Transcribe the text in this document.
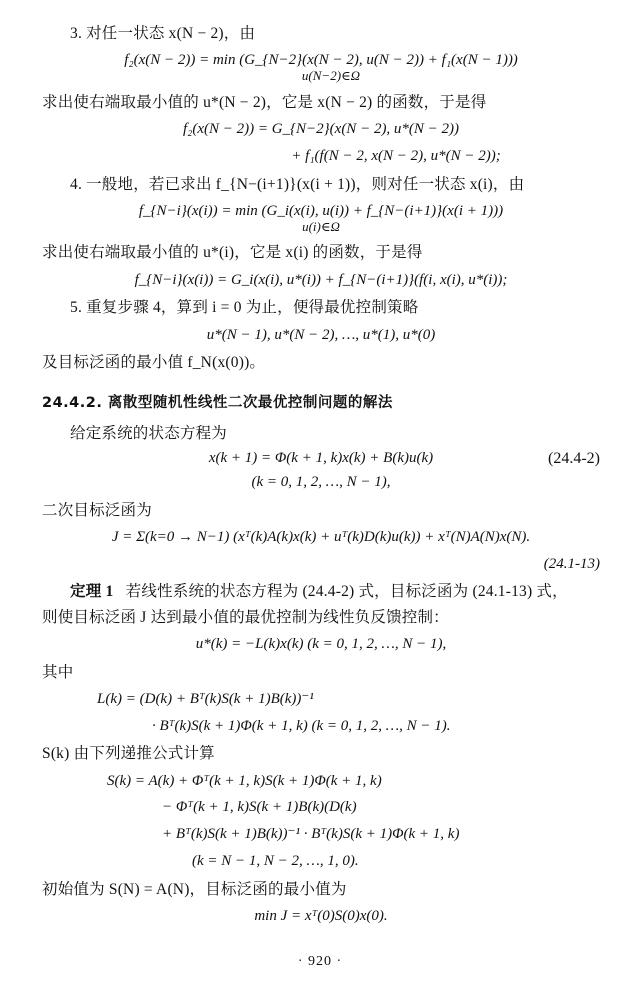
3. 对任一状态 x(N − 2)，由
f₂(x(N − 2)) = min (G_{N−2}(x(N − 2), u(N − 2)) + f₁(x(N − 1)))
u(N−2)∈Ω
求出使右端取最小值的 u*(N − 2)，它是 x(N − 2) 的函数，于是得
f₂(x(N − 2)) = G_{N−2}(x(N − 2), u*(N − 2))
+ f₁(f(N − 2, x(N − 2), u*(N − 2));
4. 一般地，若已求出 f_{N−(i+1)}(x(i + 1))，则对任一状态 x(i)，由
f_{N−i}(x(i)) = min (G_i(x(i), u(i)) + f_{N−(i+1)}(x(i + 1)))
u(i)∈Ω
求出使右端取最小值的 u*(i)，它是 x(i) 的函数，于是得
f_{N−i}(x(i)) = G_i(x(i), u*(i)) + f_{N−(i+1)}(f(i, x(i), u*(i));
5. 重复步骤 4，算到 i = 0 为止，便得最优控制策略
u*(N − 1), u*(N − 2), …, u*(1), u*(0)
及目标泛函的最小值 f_N(x(0))。
24.4.2. 离散型随机性线性二次最优控制问题的解法
给定系统的状态方程为
x(k + 1) = Φ(k + 1, k)x(k) + B(k)u(k)	(24.4-2)
(k = 0, 1, 2, …, N − 1),
二次目标泛函为
J = Σ(k=0 → N−1) (xᵀ(k)A(k)x(k) + uᵀ(k)D(k)u(k)) + xᵀ(N)A(N)x(N).
(24.1-13)
定理 1   若线性系统的状态方程为 (24.4-2) 式，目标泛函为 (24.1-13) 式，
则使目标泛函 J 达到最小值的最优控制为线性负反馈控制：
u*(k) = −L(k)x(k) (k = 0, 1, 2, …, N − 1),
其中
L(k) = (D(k) + Bᵀ(k)S(k + 1)B(k))⁻¹
· Bᵀ(k)S(k + 1)Φ(k + 1, k) (k = 0, 1, 2, …, N − 1).
S(k) 由下列递推公式计算
S(k) = A(k) + Φᵀ(k + 1, k)S(k + 1)Φ(k + 1, k)
− Φᵀ(k + 1, k)S(k + 1)B(k)(D(k)
+ Bᵀ(k)S(k + 1)B(k))⁻¹ · Bᵀ(k)S(k + 1)Φ(k + 1, k)
(k = N − 1, N − 2, …, 1, 0).
初始值为 S(N) = A(N)，目标泛函的最小值为
min J = xᵀ(0)S(0)x(0).
· 920 ·
